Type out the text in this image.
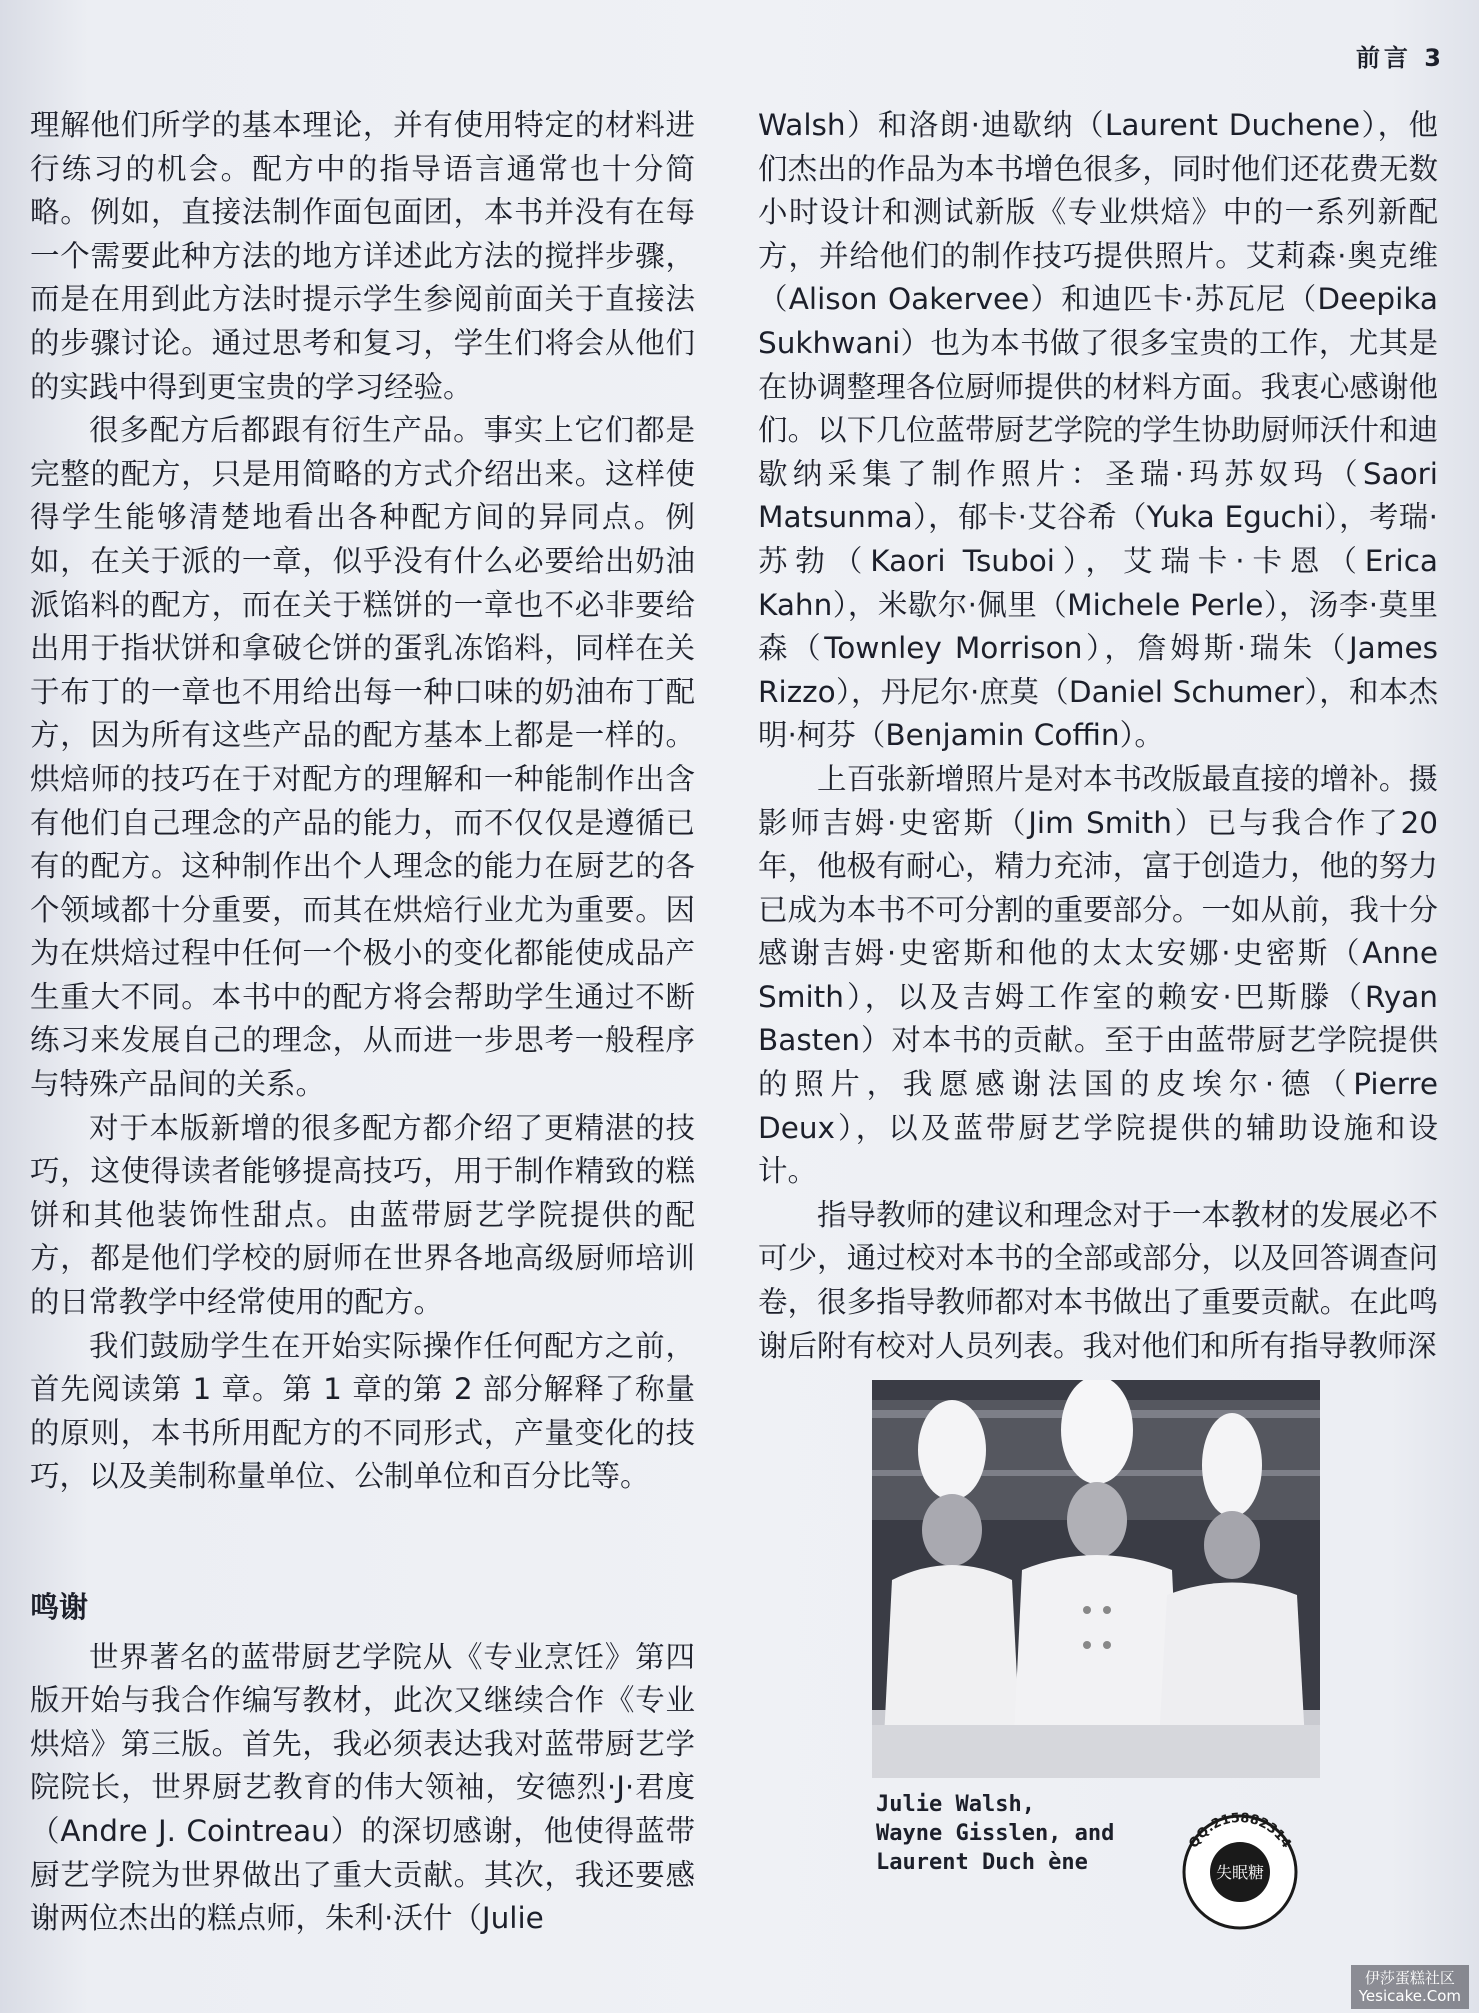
前言 3

理解他们所学的基本理论，并有使用特定的材料进行练习的机会。配方中的指导语言通常也十分简略。例如，直接法制作面包面团，本书并没有在每一个需要此种方法的地方详述此方法的搅拌步骤，而是在用到此方法时提示学生参阅前面关于直接法的步骤讨论。通过思考和复习，学生们将会从他们的实践中得到更宝贵的学习经验。

很多配方后都跟有衍生产品。事实上它们都是完整的配方，只是用简略的方式介绍出来。这样使得学生能够清楚地看出各种配方间的异同点。例如，在关于派的一章，似乎没有什么必要给出奶油派馅料的配方，而在关于糕饼的一章也不必非要给出用于指状饼和拿破仑饼的蛋乳冻馅料，同样在关于布丁的一章也不用给出每一种口味的奶油布丁配方，因为所有这些产品的配方基本上都是一样的。烘焙师的技巧在于对配方的理解和一种能制作出含有他们自己理念的产品的能力，而不仅仅是遵循已有的配方。这种制作出个人理念的能力在厨艺的各个领域都十分重要，而其在烘焙行业尤为重要。因为在烘焙过程中任何一个极小的变化都能使成品产生重大不同。本书中的配方将会帮助学生通过不断练习来发展自己的理念，从而进一步思考一般程序与特殊产品间的关系。

对于本版新增的很多配方都介绍了更精湛的技巧，这使得读者能够提高技巧，用于制作精致的糕饼和其他装饰性甜点。由蓝带厨艺学院提供的配方，都是他们学校的厨师在世界各地高级厨师培训的日常教学中经常使用的配方。

我们鼓励学生在开始实际操作任何配方之前，首先阅读第 1 章。第 1 章的第 2 部分解释了称量的原则，本书所用配方的不同形式，产量变化的技巧，以及美制称量单位、公制单位和百分比等。

鸣谢

世界著名的蓝带厨艺学院从《专业烹饪》第四版开始与我合作编写教材，此次又继续合作《专业烘焙》第三版。首先，我必须表达我对蓝带厨艺学院院长，世界厨艺教育的伟大领袖，安德烈·J·君度（Andre J. Cointreau）的深切感谢，他使得蓝带厨艺学院为世界做出了重大贡献。其次，我还要感谢两位杰出的糕点师，朱利·沃什（Julie

Walsh）和洛朗·迪歇纳（Laurent Duchene），他们杰出的作品为本书增色很多，同时他们还花费无数小时设计和测试新版《专业烘焙》中的一系列新配方，并给他们的制作技巧提供照片。艾莉森·奥克维（Alison Oakervee）和迪匹卡·苏瓦尼（Deepika Sukhwani）也为本书做了很多宝贵的工作，尤其是在协调整理各位厨师提供的材料方面。我衷心感谢他们。以下几位蓝带厨艺学院的学生协助厨师沃什和迪歇纳采集了制作照片：圣瑞·玛苏奴玛（Saori Matsunma），郁卡·艾谷希（Yuka Eguchi），考瑞·苏勃（Kaori Tsuboi），艾瑞卡·卡恩（Erica Kahn），米歇尔·佩里（Michele Perle），汤李·莫里森（Townley Morrison），詹姆斯·瑞朱（James Rizzo），丹尼尔·庶莫（Daniel Schumer），和本杰明·柯芬（Benjamin Coffin）。

上百张新增照片是对本书改版最直接的增补。摄影师吉姆·史密斯（Jim Smith）已与我合作了20年，他极有耐心，精力充沛，富于创造力，他的努力已成为本书不可分割的重要部分。一如从前，我十分感谢吉姆·史密斯和他的太太安娜·史密斯（Anne Smith），以及吉姆工作室的赖安·巴斯滕（Ryan Basten）对本书的贡献。至于由蓝带厨艺学院提供的照片，我愿感谢法国的皮埃尔·德（Pierre Deux），以及蓝带厨艺学院提供的辅助设施和设计。

指导教师的建议和理念对于一本教材的发展必不可少，通过校对本书的全部或部分，以及回答调查问卷，很多指导教师都对本书做出了重要贡献。在此鸣谢后附有校对人员列表。我对他们和所有指导教师深

Julie Walsh,
Wayne Gisslen, and
Laurent Duch ène	失眠糖
QQ:215882314
伊莎蛋糕社区
Yesicake.Com
